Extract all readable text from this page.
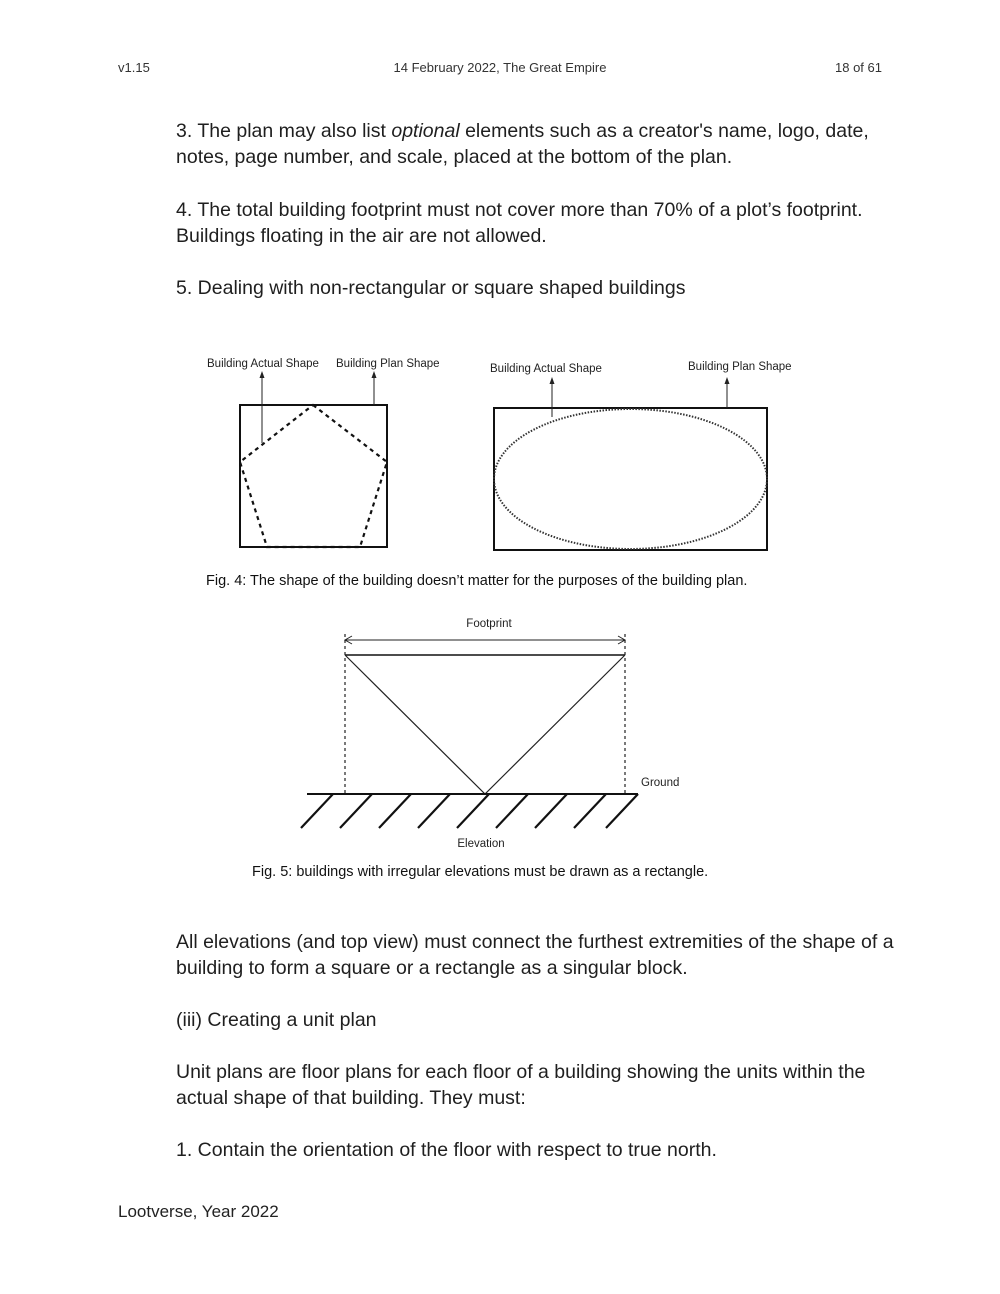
v1.15	14 February 2022, The Great Empire	18 of 61
3. The plan may also list optional elements such as a creator's name, logo, date, notes, page number, and scale, placed at the bottom of the plan.
4. The total building footprint must not cover more than 70% of a plot’s footprint. Buildings floating in the air are not allowed.
5. Dealing with non-rectangular or square shaped buildings
Building Actual Shape Building Plan Shape	Building Actual Shape	Building Plan Shape
Footprint
Ground
Elevation
Fig. 4: The shape of the building doesn’t matter for the purposes of the building plan.
Fig. 5: buildings with irregular elevations must be drawn as a rectangle.
All elevations (and top view) must connect the furthest extremities of the shape of a building to form a square or a rectangle as a singular block.
(iii) Creating a unit plan
Unit plans are floor plans for each floor of a building showing the units within the actual shape of that building. They must:
1. Contain the orientation of the floor with respect to true north.
Lootverse, Year 2022
